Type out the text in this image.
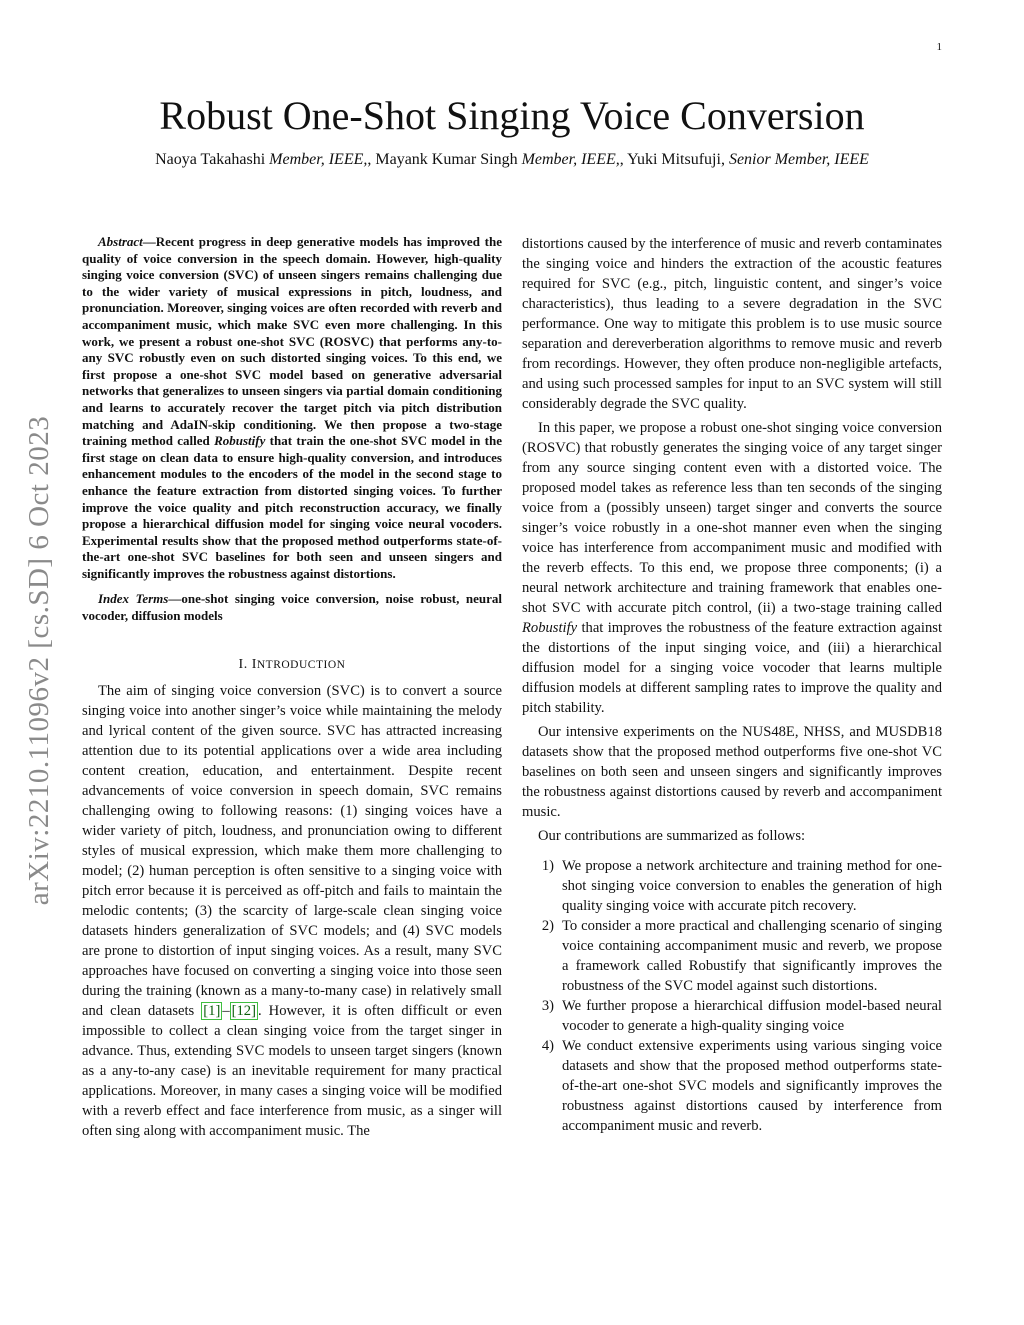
1
arXiv:2210.11096v2 [cs.SD] 6 Oct 2023
Robust One-Shot Singing Voice Conversion
Naoya Takahashi Member, IEEE,, Mayank Kumar Singh Member, IEEE,, Yuki Mitsufuji, Senior Member, IEEE

Abstract—Recent progress in deep generative models has improved the quality of voice conversion in the speech domain. However, high-quality singing voice conversion (SVC) of unseen singers remains challenging due to the wider variety of musical expressions in pitch, loudness, and pronunciation. Moreover, singing voices are often recorded with reverb and accompaniment music, which make SVC even more challenging. In this work, we present a robust one-shot SVC (ROSVC) that performs any-to-any SVC robustly even on such distorted singing voices. To this end, we first propose a one-shot SVC model based on generative adversarial networks that generalizes to unseen singers via partial domain conditioning and learns to accurately recover the target pitch via pitch distribution matching and AdaIN-skip conditioning. We then propose a two-stage training method called Robustify that train the one-shot SVC model in the first stage on clean data to ensure high-quality conversion, and introduces enhancement modules to the encoders of the model in the second stage to enhance the feature extraction from distorted singing voices. To further improve the voice quality and pitch reconstruction accuracy, we finally propose a hierarchical diffusion model for singing voice neural vocoders. Experimental results show that the proposed method outperforms state-of-the-art one-shot SVC baselines for both seen and unseen singers and significantly improves the robustness against distortions.

Index Terms—one-shot singing voice conversion, noise robust, neural vocoder, diffusion models

I. INTRODUCTION

The aim of singing voice conversion (SVC) is to convert a source singing voice into another singer’s voice while maintaining the melody and lyrical content of the given source. SVC has attracted increasing attention due to its potential applications over a wide area including content creation, education, and entertainment. Despite recent advancements of voice conversion in speech domain, SVC remains challenging owing to following reasons: (1) singing voices have a wider variety of pitch, loudness, and pronunciation owing to different styles of musical expression, which make them more challenging to model; (2) human perception is often sensitive to a singing voice with pitch error because it is perceived as off-pitch and fails to maintain the melodic contents; (3) the scarcity of large-scale clean singing voice datasets hinders generalization of SVC models; and (4) SVC models are prone to distortion of input singing voices. As a result, many SVC approaches have focused on converting a singing voice into those seen during the training (known as a many-to-many case) in relatively small and clean datasets [1] – [12] . However, it is often difficult or even impossible to collect a clean singing voice from the target singer in advance. Thus, extending SVC models to unseen target singers (known as a any-to-any case) is an inevitable requirement for many practical applications. Moreover, in many cases a singing voice will be modified with a reverb effect and face interference from music, as a singer will often sing along with accompaniment music. The

distortions caused by the interference of music and reverb contaminates the singing voice and hinders the extraction of the acoustic features required for SVC (e.g., pitch, linguistic content, and singer’s voice characteristics), thus leading to a severe degradation in the SVC performance. One way to mitigate this problem is to use music source separation and dereverberation algorithms to remove music and reverb from recordings. However, they often produce non-negligible artefacts, and using such processed samples for input to an SVC system will still considerably degrade the SVC quality.

In this paper, we propose a robust one-shot singing voice conversion (ROSVC) that robustly generates the singing voice of any target singer from any source singing content even with a distorted voice. The proposed model takes as reference less than ten seconds of the singing voice from a (possibly unseen) target singer and converts the source singer’s voice robustly in a one-shot manner even when the singing voice has interference from accompaniment music and modified with the reverb effects. To this end, we propose three components; (i) a neural network architecture and training framework that enables one-shot SVC with accurate pitch control, (ii) a two-stage training called Robustify that improves the robustness of the feature extraction against the distortions of the input singing voice, and (iii) a hierarchical diffusion model for a singing voice vocoder that learns multiple diffusion models at different sampling rates to improve the quality and pitch stability.

Our intensive experiments on the NUS48E, NHSS, and MUSDB18 datasets show that the proposed method outperforms five one-shot VC baselines on both seen and unseen singers and significantly improves the robustness against distortions caused by reverb and accompaniment music.

Our contributions are summarized as follows:

1) We propose a network architecture and training method for one-shot singing voice conversion to enables the generation of high quality singing voice with accurate pitch recovery.
2) To consider a more practical and challenging scenario of singing voice containing accompaniment music and reverb, we propose a framework called Robustify that significantly improves the robustness of the SVC model against such distortions.
3) We further propose a hierarchical diffusion model-based neural vocoder to generate a high-quality singing voice
4) We conduct extensive experiments using various singing voice datasets and show that the proposed method outperforms state-of-the-art one-shot SVC models and significantly improves the robustness against distortions caused by interference from accompaniment music and reverb.
